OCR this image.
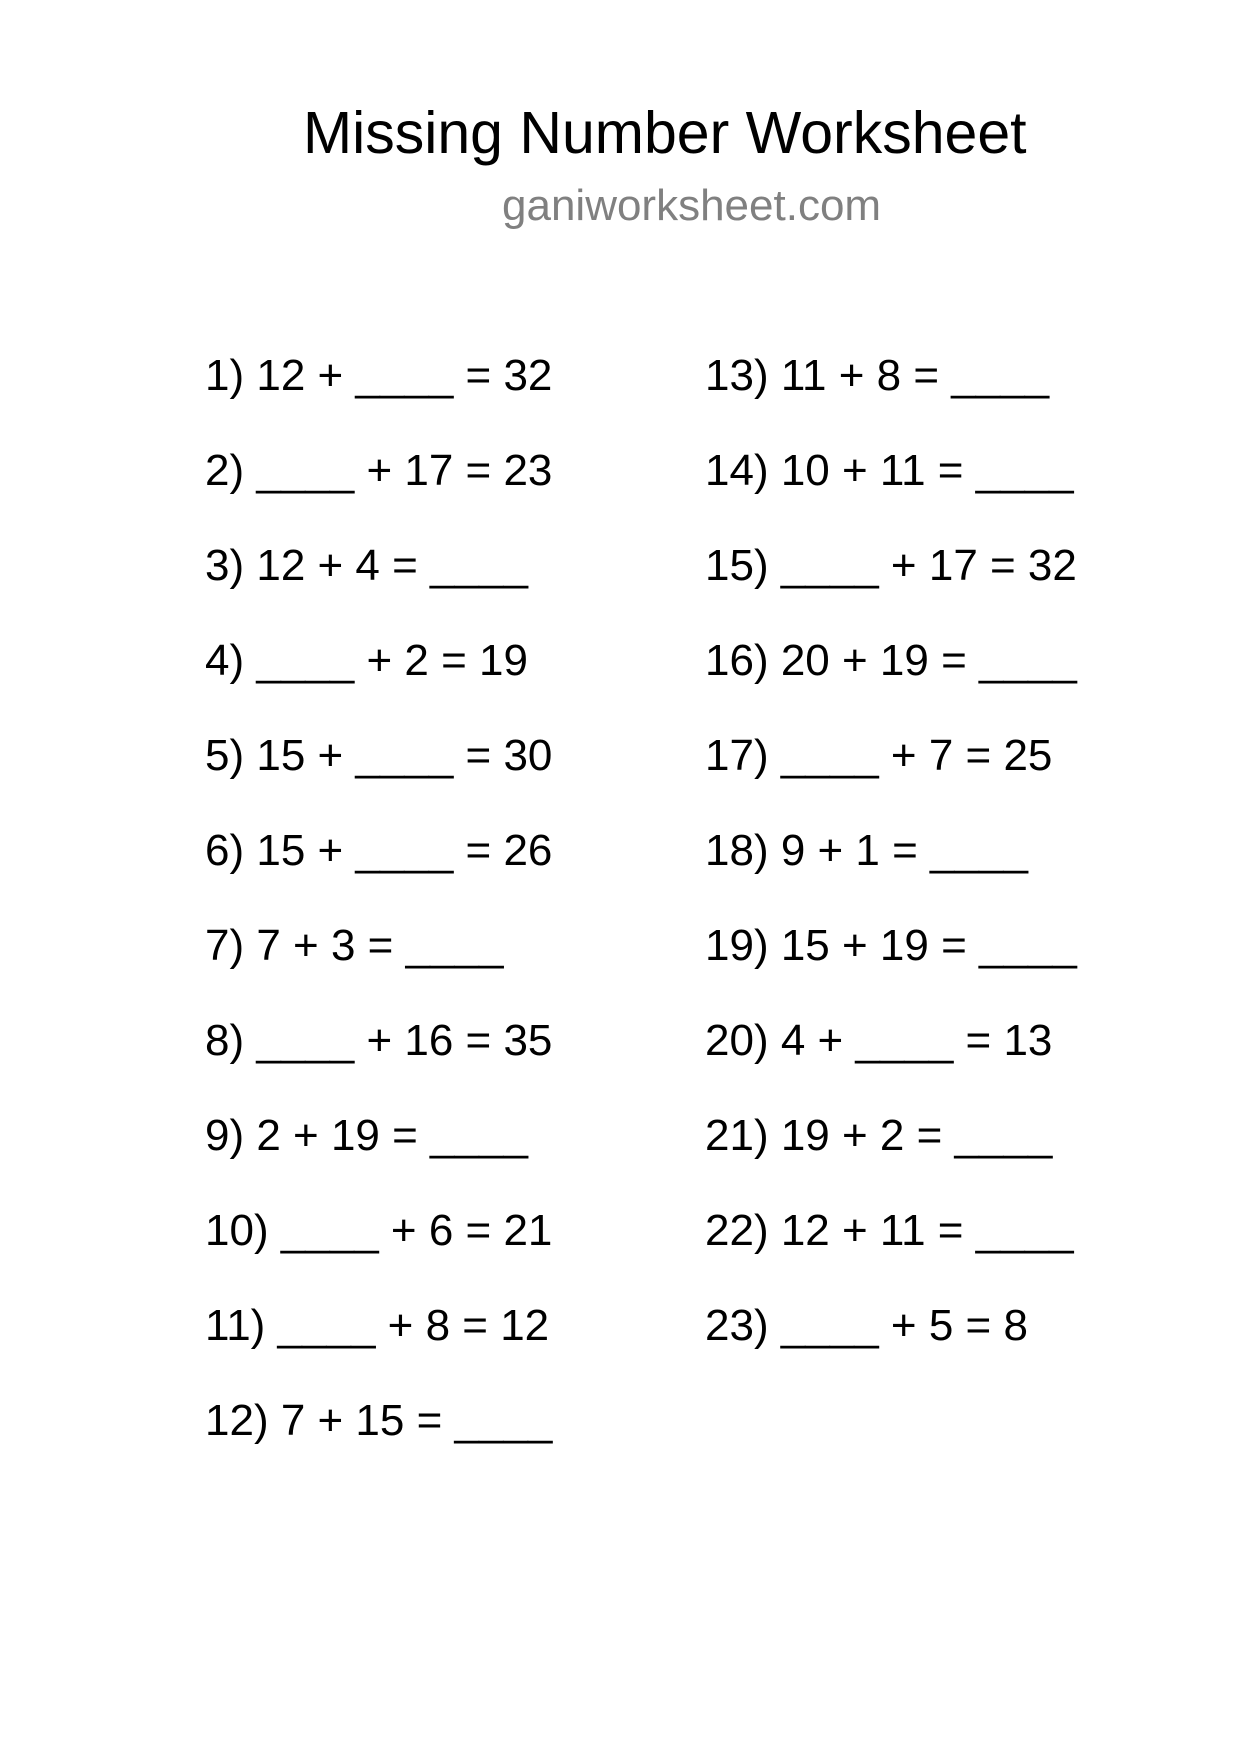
Missing Number Worksheet
ganiworksheet.com
1) 12 + ____ = 32
2) ____ + 17 = 23
3) 12 + 4 = ____
4) ____ + 2 = 19
5) 15 + ____ = 30
6) 15 + ____ = 26
7) 7 + 3 = ____
8) ____ + 16 = 35
9) 2 + 19 = ____
10) ____ + 6 = 21
11) ____ + 8 = 12
12) 7 + 15 = ____
13) 11 + 8 = ____
14) 10 + 11 = ____
15) ____ + 17 = 32
16) 20 + 19 = ____
17) ____ + 7 = 25
18) 9 + 1 = ____
19) 15 + 19 = ____
20) 4 + ____ = 13
21) 19 + 2 = ____
22) 12 + 11 = ____
23) ____ + 5 = 8
